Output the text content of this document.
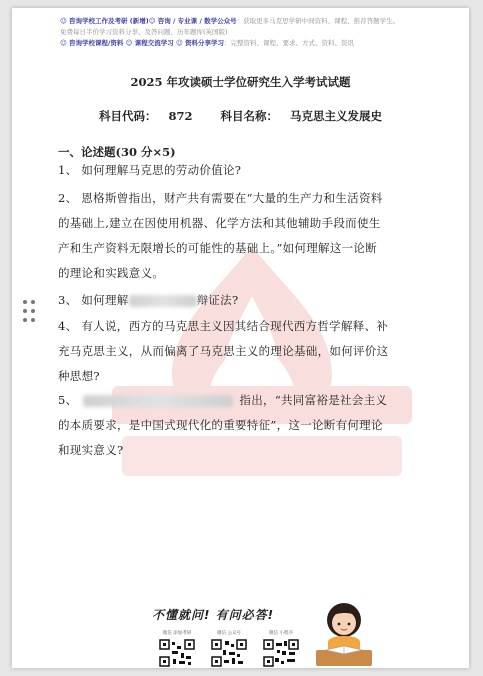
☺ 咨询学校工作及考研 (新增)☺ 咨询 / 专业课 / 数学公众号：获取更多马克思学研中间资料、课程、推荐答题学生。
免费每日半价学习资料分享、及答问题、历年题库(英国版)
☺ 咨询学校课程/资料 ☺ 课程交流学习 ☺ 资料分享学习：完整资料、课程、要求、方式、资料、资讯
2025 年攻读硕士学位研究生入学考试试题
科目代码： 872 科目名称： 马克思主义发展史
一、论述题(30 分×5)
1、 如何理解马克思的劳动价值论?
2、 恩格斯曾指出，财产共有需要在“大量的生产力和生活资料
的基础上,建立在因使用机器、化学方法和其他辅助手段而使生
产和生产资料无限增长的可能性的基础上。”如何理解这一论断
的理论和实践意义。
3、 如何理解	辩证法?
4、 有人说，西方的马克思主义因其结合现代西方哲学解释、补
充马克思主义，从而偏离了马克思主义的理论基础，如何评价这
种思想?
5、	指出，“共同富裕是社会主义
的本质要求，是中国式现代化的重要特征”，这一论断有何理论
和现实意义?
不懂就问! 有问必答!
微信 添加考研	微信 公众号	微信 小程序
